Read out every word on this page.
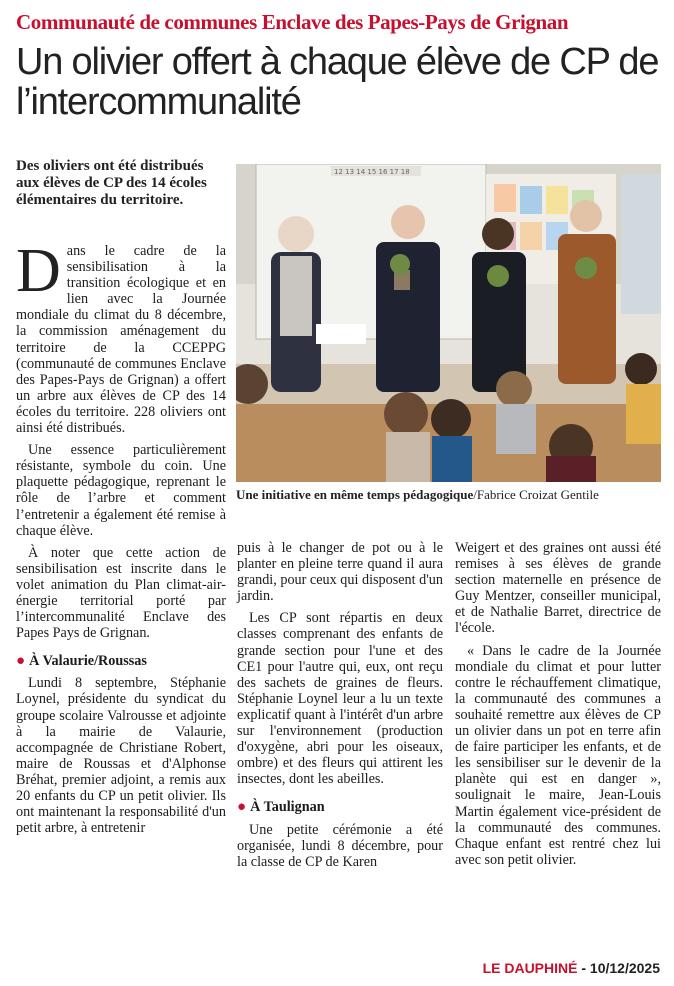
Communauté de communes Enclave des Papes-Pays de Grignan
Un olivier offert à chaque élève de CP de l’intercommunalité
Des oliviers ont été distribués aux élèves de CP des 14 écoles élémentaires du territoire.

Dans le cadre de la sensibilisation à la transition écologique et en lien avec la Journée mondiale du climat du 8 décembre, la commission aménagement du territoire de la CCEPPG (communauté de communes Enclave des Papes-Pays de Grignan) a offert un arbre aux élèves de CP des 14 écoles du territoire. 228 oliviers ont ainsi été distribués.

Une essence particulièrement résistante, symbole du coin. Une plaquette pédagogique, reprenant le rôle de l’arbre et comment l’entretenir a également été remise à chaque élève.

À noter que cette action de sensibilisation est inscrite dans le volet animation du Plan climat-air-énergie territorial porté par l’intercommunalité Enclave des Papes Pays de Grignan.

● À Valaurie/Roussas

Lundi 8 septembre, Stéphanie Loynel, présidente du syndicat du groupe scolaire Valrousse et adjointe à la mairie de Valaurie, accompagnée de Christiane Robert, maire de Roussas et d'Alphonse Bréhat, premier adjoint, a remis aux 20 enfants du CP un petit olivier. Ils ont maintenant la responsabilité d'un petit arbre, à entretenir

12 13 14 15 16 17 18
Une initiative en même temps pédagogique/Fabrice Croizat Gentile

puis à le changer de pot ou à le planter en pleine terre quand il aura grandi, pour ceux qui disposent d'un jardin.

Les CP sont répartis en deux classes comprenant des enfants de grande section pour l'une et des CE1 pour l'autre qui, eux, ont reçu des sachets de graines de fleurs. Stéphanie Loynel leur a lu un texte explicatif quant à l'intérêt d'un arbre sur l'environnement (production d'oxygène, abri pour les oiseaux, ombre) et des fleurs qui attirent les insectes, dont les abeilles.

● À Taulignan

Une petite cérémonie a été organisée, lundi 8 décembre, pour la classe de CP de Karen

Weigert et des graines ont aussi été remises à ses élèves de grande section maternelle en présence de Guy Mentzer, conseiller municipal, et de Nathalie Barret, directrice de l'école.

« Dans le cadre de la Journée mondiale du climat et pour lutter contre le réchauffement climatique, la communauté des communes a souhaité remettre aux élèves de CP un olivier dans un pot en terre afin de faire participer les enfants, et de les sensibiliser sur le devenir de la planète qui est en danger », soulignait le maire, Jean-Louis Martin également vice-président de la communauté des communes. Chaque enfant est rentré chez lui avec son petit olivier.

LE DAUPHINÉ - 10/12/2025
